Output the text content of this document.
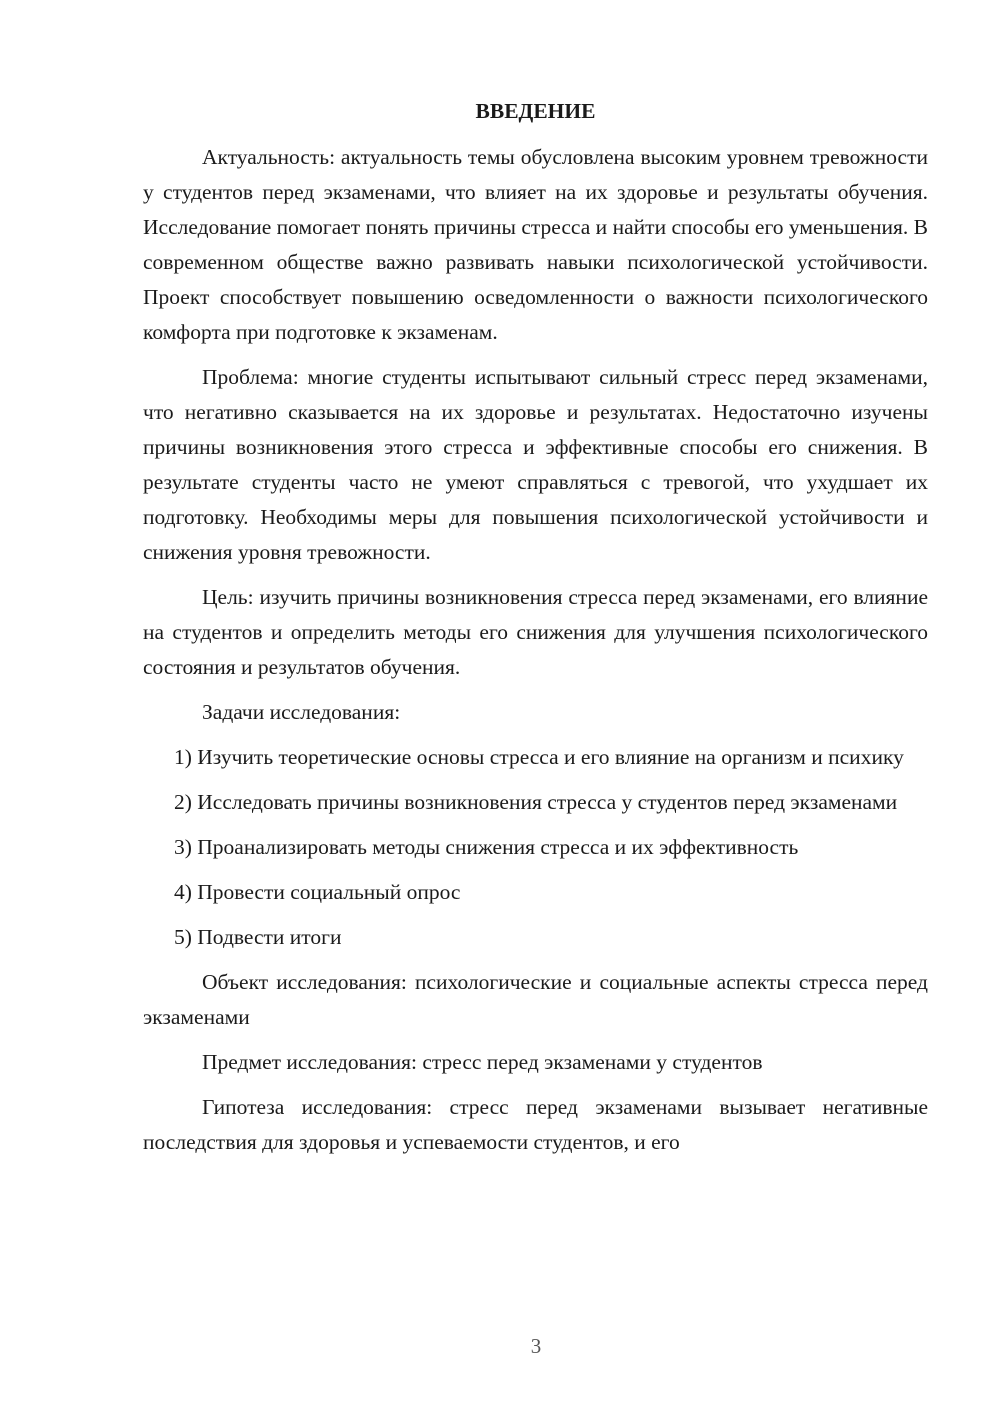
ВВЕДЕНИЕ

Актуальность: актуальность темы обусловлена высоким уровнем тревожности у студентов перед экзаменами, что влияет на их здоровье и результаты обучения. Исследование помогает понять причины стресса и найти способы его уменьшения. В современном обществе важно развивать навыки психологической устойчивости. Проект способствует повышению осведомленности о важности психологического комфорта при подготовке к экзаменам.

Проблема: многие студенты испытывают сильный стресс перед экзаменами, что негативно сказывается на их здоровье и результатах. Недостаточно изучены причины возникновения этого стресса и эффективные способы его снижения. В результате студенты часто не умеют справляться с тревогой, что ухудшает их подготовку. Необходимы меры для повышения психологической устойчивости и снижения уровня тревожности.

Цель: изучить причины возникновения стресса перед экзаменами, его влияние на студентов и определить методы его снижения для улучшения психологического состояния и результатов обучения.

Задачи исследования:

1) Изучить теоретические основы стресса и его влияние на организм и психику

2) Исследовать причины возникновения стресса у студентов перед экзаменами

3) Проанализировать методы снижения стресса и их эффективность

4) Провести социальный опрос

5) Подвести итоги

Объект исследования: психологические и социальные аспекты стресса перед экзаменами

Предмет исследования: стресс перед экзаменами у студентов

Гипотеза исследования: стресс перед экзаменами вызывает негативные последствия для здоровья и успеваемости студентов, и его

3
